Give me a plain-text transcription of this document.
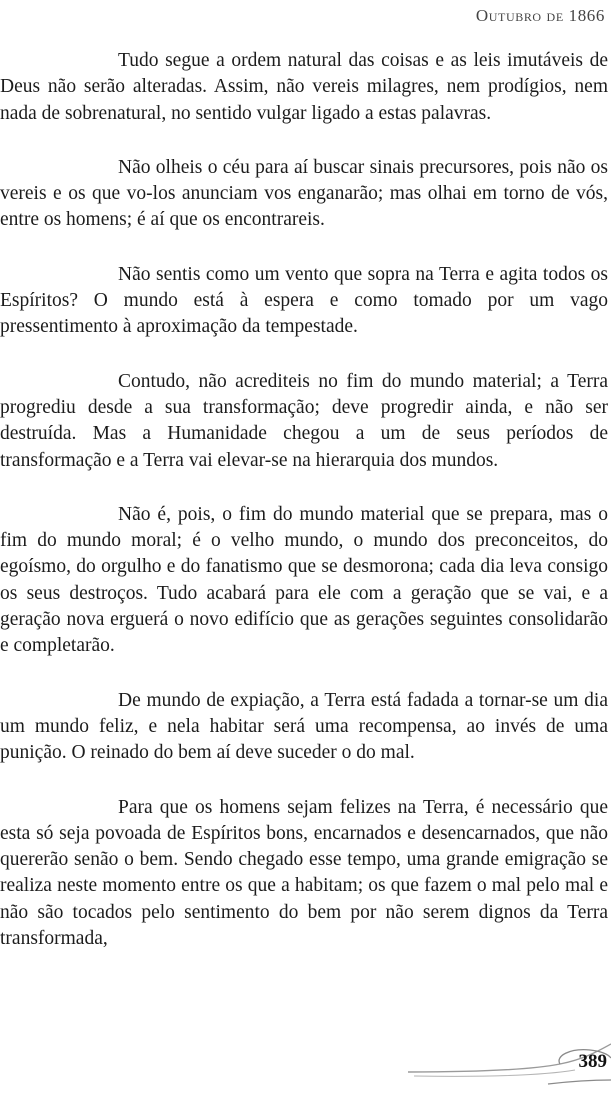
Outubro de 1866

Tudo segue a ordem natural das coisas e as leis imutáveis de Deus não serão alteradas. Assim, não vereis milagres, nem prodígios, nem nada de sobrenatural, no sentido vulgar ligado a estas palavras.

Não olheis o céu para aí buscar sinais precursores, pois não os vereis e os que vo-los anunciam vos enganarão; mas olhai em torno de vós, entre os homens; é aí que os encontrareis.

Não sentis como um vento que sopra na Terra e agita todos os Espíritos? O mundo está à espera e como tomado por um vago pressentimento à aproximação da tempestade.

Contudo, não acrediteis no fim do mundo material; a Terra progrediu desde a sua transformação; deve progredir ainda, e não ser destruída. Mas a Humanidade chegou a um de seus períodos de transformação e a Terra vai elevar-se na hierarquia dos mundos.

Não é, pois, o fim do mundo material que se prepara, mas o fim do mundo moral; é o velho mundo, o mundo dos preconceitos, do egoísmo, do orgulho e do fanatismo que se desmorona; cada dia leva consigo os seus destroços. Tudo acabará para ele com a geração que se vai, e a geração nova erguerá o novo edifício que as gerações seguintes consolidarão e completarão.

De mundo de expiação, a Terra está fadada a tornar-se um dia um mundo feliz, e nela habitar será uma recompensa, ao invés de uma punição. O reinado do bem aí deve suceder o do mal.

Para que os homens sejam felizes na Terra, é necessário que esta só seja povoada de Espíritos bons, encarnados e desencarnados, que não quererão senão o bem. Sendo chegado esse tempo, uma grande emigração se realiza neste momento entre os que a habitam; os que fazem o mal pelo mal e não são tocados pelo sentimento do bem por não serem dignos da Terra transformada,

389
